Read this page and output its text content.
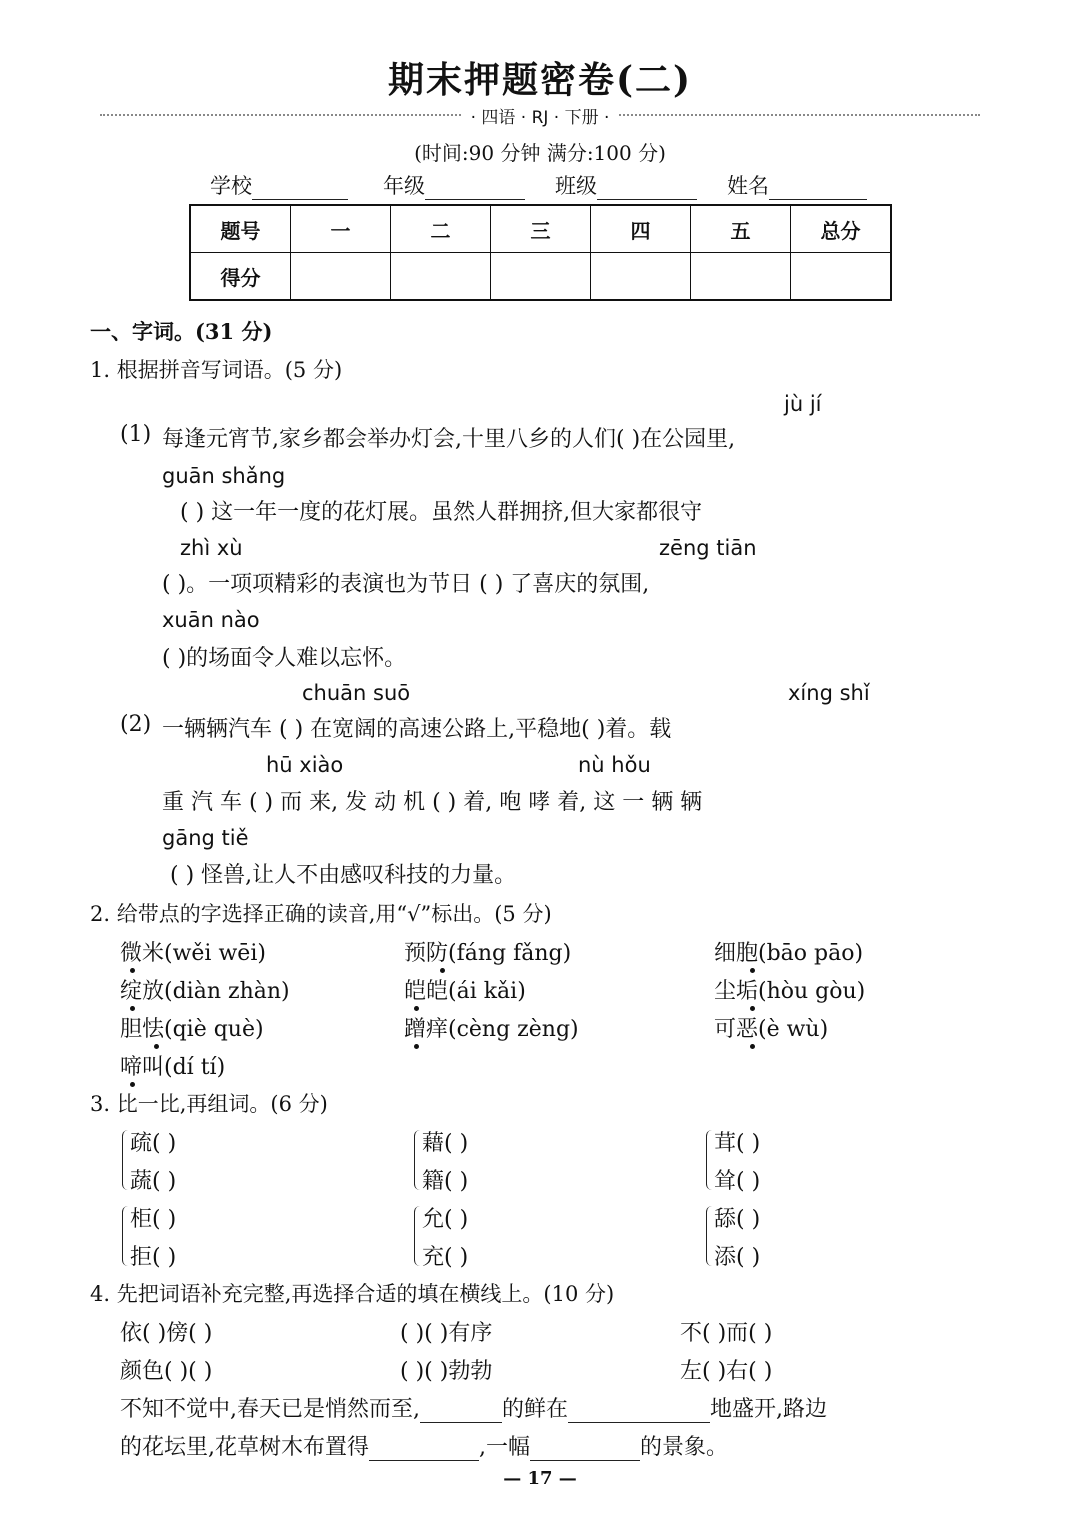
期末押题密卷(二)
· 四语 · RJ · 下册 ·
(时间:90 分钟 满分:100 分)
学校	年级	班级	姓名
题号	一	二	三	四	五	总分
得分						
一、字词。(31 分)
1. 根据拼音写词语。(5 分)
jù jí
(1) 每逢元宵节,家乡都会举办灯会,十里八乡的人们( )在公园里,
guān shǎng
( ) 这一年一度的花灯展。虽然人群拥挤,但大家都很守
zhì xù	zēng tiān
( )。一项项精彩的表演也为节日 ( ) 了喜庆的氛围,
xuān nào
( )的场面令人难以忘怀。
chuān suō	xíng shǐ
(2) 一辆辆汽车 ( ) 在宽阔的高速公路上,平稳地( )着。载
hū xiào	nù hǒu
重 汽 车 ( ) 而 来, 发 动 机 ( ) 着, 咆 哮 着, 这 一 辆 辆
gāng tiě
( ) 怪兽,让人不由感叹科技的力量。
2. 给带点的字选择正确的读音,用“√”标出。(5 分)
微米(wěi wēi)	预防(fáng fǎng)	细胞(bāo pāo)
绽放(diàn zhàn)	皑皑(ái kǎi)	尘垢(hòu gòu)
胆怯(qiè què)	蹭痒(cèng zèng)	可恶(è wù)
啼叫(dí tí)
3. 比一比,再组词。(6 分)
疏( )
蔬( )
藉( )
籍( )
茸( )
耸( )
柜( )
拒( )
允( )
充( )
舔( )
添( )
4. 先把词语补充完整,再选择合适的填在横线上。(10 分)
依( )傍( )	( )( )有序	不( )而( )
颜色( )( )	( )( )勃勃	左( )右( )
不知不觉中,春天已是悄然而至,	的鲜在	地盛开,路边
的花坛里,花草树木布置得	,一幅	的景象。
— 17 —
